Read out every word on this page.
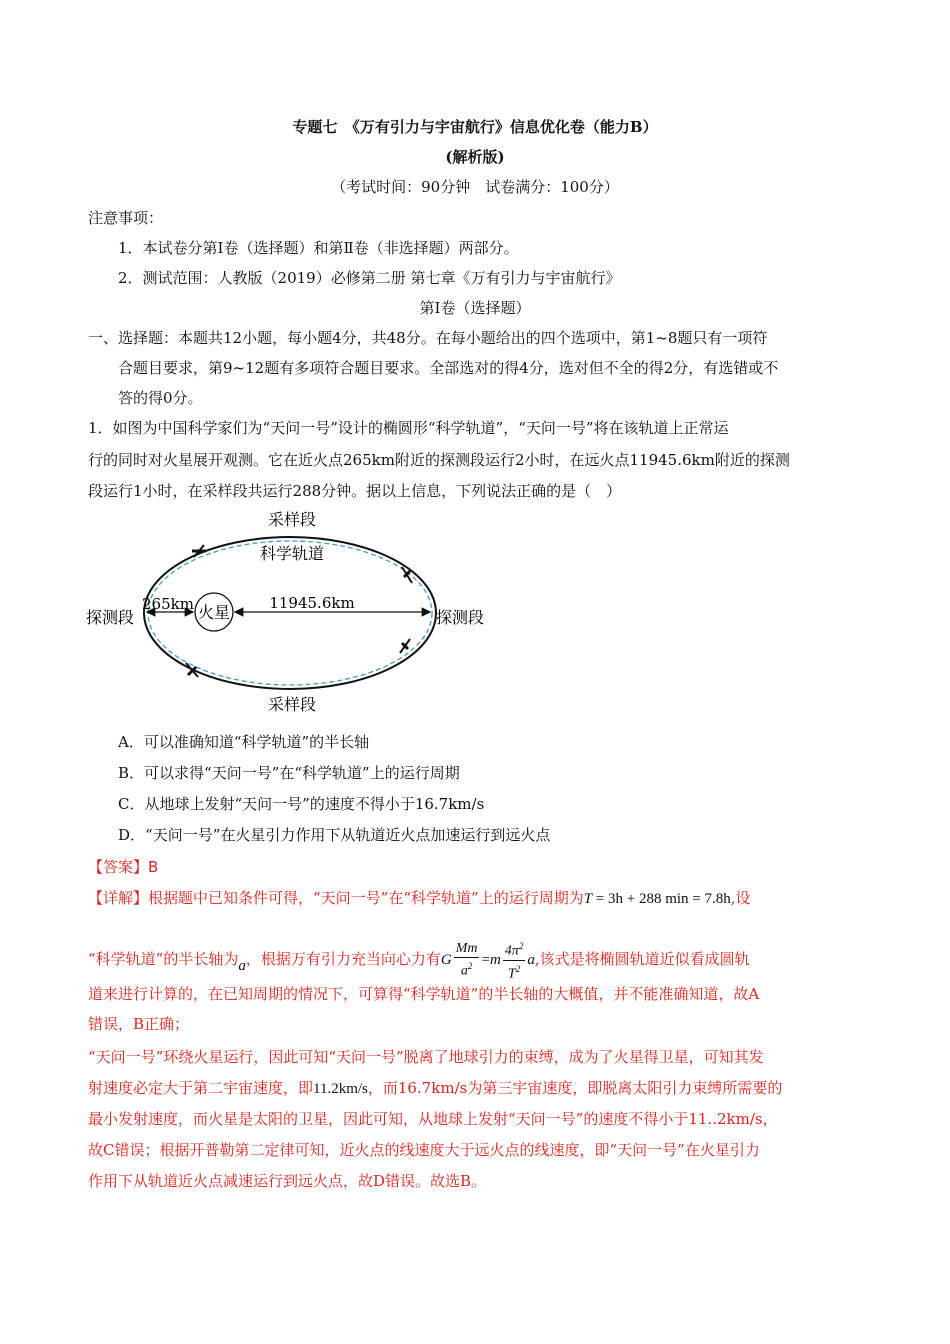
专题七　《万有引力与宇宙航行》信息优化卷（能力B）
(解析版)
（考试时间：90分钟　试卷满分：100分）
注意事项：
1．本试卷分第Ⅰ卷（选择题）和第Ⅱ卷（非选择题）两部分。
2．测试范围：人教版（2019）必修第二册 第七章《万有引力与宇宙航行》
第Ⅰ卷（选择题）
一、选择题：本题共12小题，每小题4分，共48分。在每小题给出的四个选项中，第1~8题只有一项符
合题目要求，第9~12题有多项符合题目要求。全部选对的得4分，选对但不全的得2分，有选错或不
答的得0分。
1．如图为中国科学家们为“天问一号”设计的椭圆形“科学轨道”，“天问一号”将在该轨道上正常运
行的同时对火星展开观测。它在近火点265km附近的探测段运行2小时，在远火点11945.6km附近的探测
段运行1小时，在采样段共运行288分钟。据以上信息，下列说法正确的是（　）
采样段
科学轨道
探测段	探测段
采样段
265km 火星	11945.6km
A．可以准确知道“科学轨道”的半长轴
B．可以求得“天问一号”在“科学轨道”上的运行周期
C．从地球上发射“天问一号”的速度不得小于16.7km/s
D．“天问一号”在火星引力作用下从轨道近火点加速运行到远火点
【答案】B
【详解】根据题中已知条件可得，“天问一号”在“科学轨道”上的运行周期为T = 3h + 288 min = 7.8h,设
“科学轨道”的半长轴为a，根据万有引力充当向心力有G $\frac{Mm}{a^2} =m \frac{4\pi^2}{T^2} a$,该式是将椭圆轨道近似看成圆轨
道来进行计算的，在已知周期的情况下，可算得“科学轨道”的半长轴的大概值，并不能准确知道，故A
错误，B正确；
“天问一号”环绕火星运行，因此可知“天问一号”脱离了地球引力的束缚，成为了火星得卫星，可知其发
射速度必定大于第二宇宙速度，即11.2km/s，而16.7km/s为第三宇宙速度，即脱离太阳引力束缚所需要的
最小发射速度，而火星是太阳的卫星，因此可知，从地球上发射“天问一号”的速度不得小于11..2km/s，
故C错误；根据开普勒第二定律可知，近火点的线速度大于远火点的线速度，即“天问一号”在火星引力
作用下从轨道近火点减速运行到远火点，故D错误。故选B。
